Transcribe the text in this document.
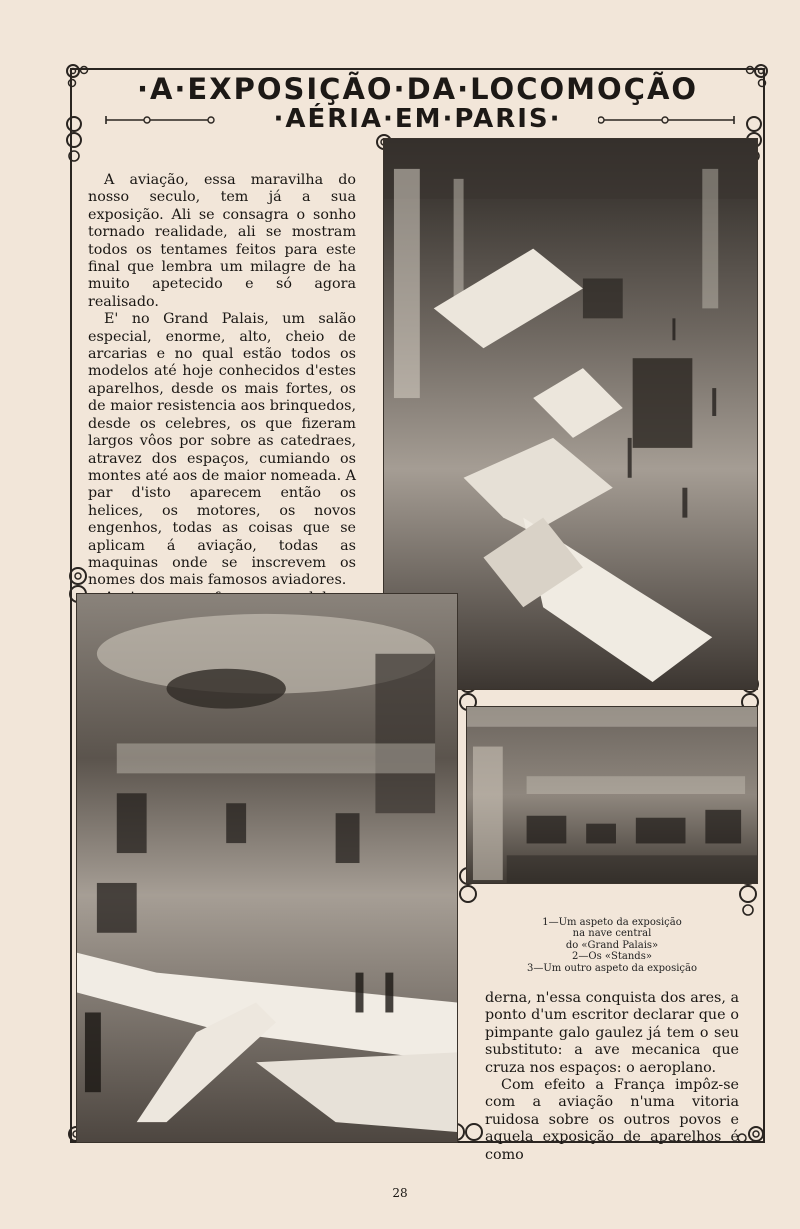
·A·EXPOSIÇÃO·DA·LOCOMOÇÃO
·AÉRIA·EM·PARIS·

A aviação, essa maravilha do nosso seculo, tem já a sua exposição. Ali se consagra o sonho tornado realidade, ali se mostram todos os tentames feitos para este final que lembra um milagre de ha muito apetecido e só agora realisado.

E' no Grand Palais, um salão especial, enorme, alto, cheio de arcarias e no qual estão todos os modelos até hoje conhecidos d'estes aparelhos, desde os mais fortes, os de maior resistencia aos brinquedos, desde os celebres, os que fizeram largos vôos por sobre as catedraes, atravez dos espaços, cumiando os montes até aos de maior nomeada. A par d'isto aparecem então os helices, os motores, os novos engenhos, todas as coisas que se aplicam á aviação, todas as maquinas onde se inscrevem os nomes dos mais famosos aviadores.

1—Um aspeto da exposição
na nave central
do «Grand Palais»
2—Os «Stands»
3—Um outro aspeto da exposição

derna, n'essa conquista dos ares, a ponto d'um escritor declarar que o pimpante galo gaulez já tem o seu substituto: a ave mecanica que cruza nos espaços: o aeroplano.

Com efeito a França impôz-se com a aviação n'uma vitoria ruidosa sobre os outros povos e aquela exposição de aparelhos é como

28
